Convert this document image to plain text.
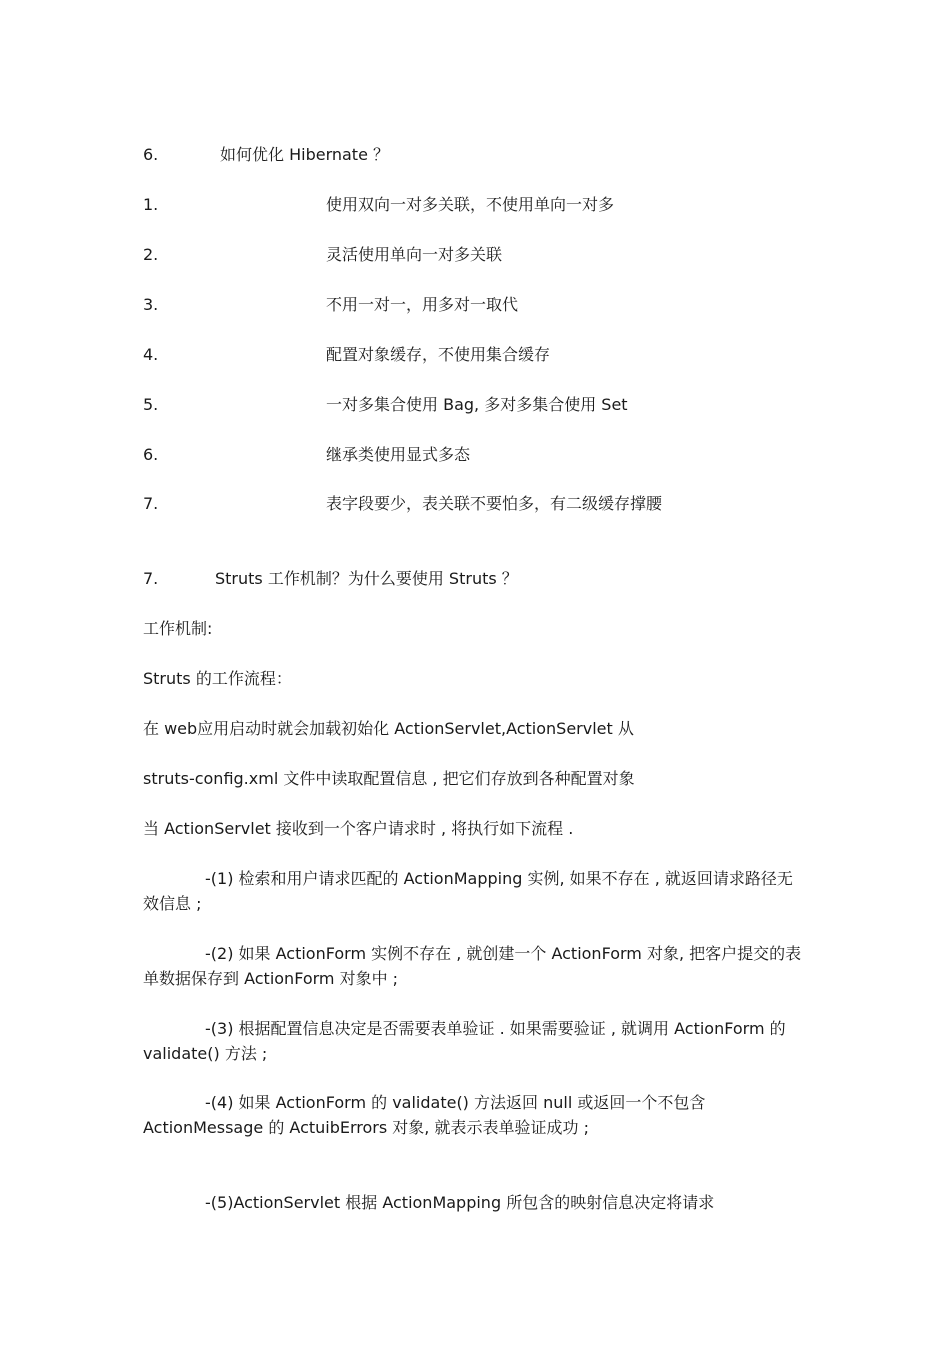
6.	如何优化 Hibernate ？
1.	使用双向一对多关联，不使用单向一对多
2.	灵活使用单向一对多关联
3.	不用一对一，用多对一取代
4.	配置对象缓存，不使用集合缓存
5.	一对多集合使用 Bag, 多对多集合使用 Set
6.	继承类使用显式多态
7.	表字段要少，表关联不要怕多，有二级缓存撑腰
7.	Struts 工作机制？为什么要使用 Struts ？
工作机制:
Struts 的工作流程：
在 web应用启动时就会加载初始化 ActionServlet,ActionServlet 从
struts-config.xml 文件中读取配置信息 , 把它们存放到各种配置对象
当 ActionServlet 接收到一个客户请求时 , 将执行如下流程 .
-(1) 检索和用户请求匹配的 ActionMapping 实例, 如果不存在 , 就返回请求路径无效信息 ;
-(2) 如果 ActionForm 实例不存在 , 就创建一个 ActionForm 对象, 把客户提交的表单数据保存到 ActionForm 对象中 ;
-(3) 根据配置信息决定是否需要表单验证 . 如果需要验证 , 就调用 ActionForm 的 validate() 方法 ;
-(4) 如果 ActionForm 的 validate() 方法返回 null 或返回一个不包含 ActionMessage 的 ActuibErrors 对象, 就表示表单验证成功 ;
-(5)ActionServlet 根据 ActionMapping 所包含的映射信息决定将请求
